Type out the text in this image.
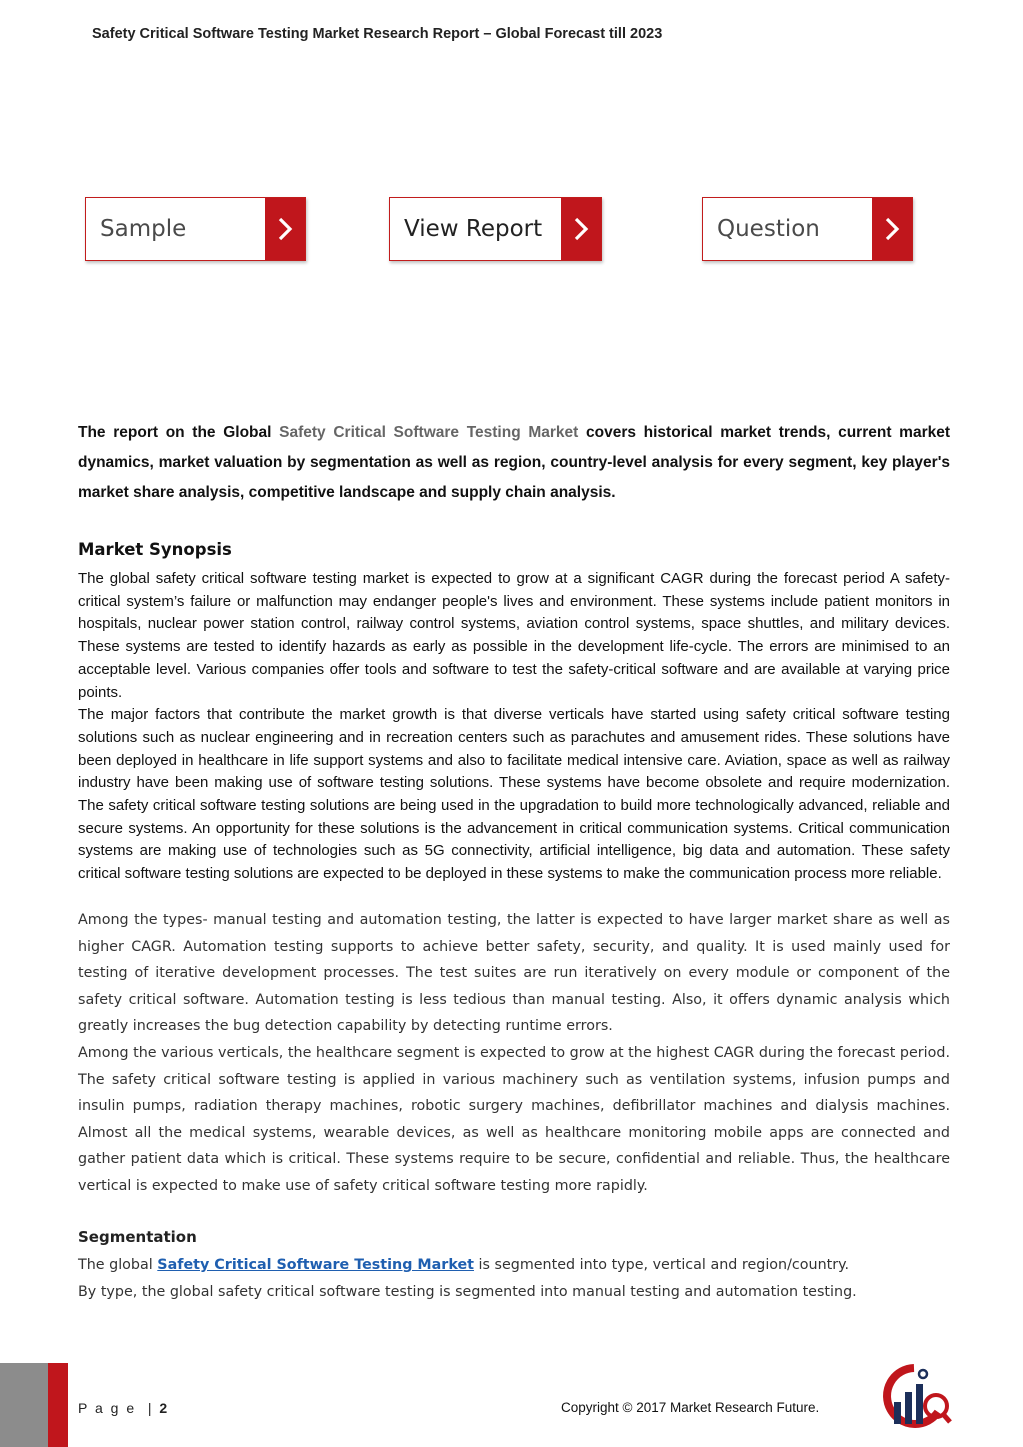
Safety Critical Software Testing Market Research Report – Global Forecast till 2023
Sample	View Report	Question
The report on the Global Safety Critical Software Testing Market covers historical market trends, current market dynamics, market valuation by segmentation as well as region, country-level analysis for every segment, key player's market share analysis, competitive landscape and supply chain analysis.
Market Synopsis

The global safety critical software testing market is expected to grow at a significant CAGR during the forecast period A safety-critical system’s failure or malfunction may endanger people's lives and environment. These systems include patient monitors in hospitals, nuclear power station control, railway control systems, aviation control systems, space shuttles, and military devices. These systems are tested to identify hazards as early as possible in the development life-cycle. The errors are minimised to an acceptable level. Various companies offer tools and software to test the safety-critical software and are available at varying price points.

The major factors that contribute the market growth is that diverse verticals have started using safety critical software testing solutions such as nuclear engineering and in recreation centers such as parachutes and amusement rides. These solutions have been deployed in healthcare in life support systems and also to facilitate medical intensive care. Aviation, space as well as railway industry have been making use of software testing solutions. These systems have become obsolete and require modernization. The safety critical software testing solutions are being used in the upgradation to build more technologically advanced, reliable and secure systems. An opportunity for these solutions is the advancement in critical communication systems. Critical communication systems are making use of technologies such as 5G connectivity, artificial intelligence, big data and automation. These safety critical software testing solutions are expected to be deployed in these systems to make the communication process more reliable.

Among the types- manual testing and automation testing, the latter is expected to have larger market share as well as higher CAGR. Automation testing supports to achieve better safety, security, and quality. It is used mainly used for testing of iterative development processes. The test suites are run iteratively on every module or component of the safety critical software. Automation testing is less tedious than manual testing. Also, it offers dynamic analysis which greatly increases the bug detection capability by detecting runtime errors.

Among the various verticals, the healthcare segment is expected to grow at the highest CAGR during the forecast period. The safety critical software testing is applied in various machinery such as ventilation systems, infusion pumps and insulin pumps, radiation therapy machines, robotic surgery machines, defibrillator machines and dialysis machines. Almost all the medical systems, wearable devices, as well as healthcare monitoring mobile apps are connected and gather patient data which is critical. These systems require to be secure, confidential and reliable. Thus, the healthcare vertical is expected to make use of safety critical software testing more rapidly.

Segmentation

The global Safety Critical Software Testing Market is segmented into type, vertical and region/country.

By type, the global safety critical software testing is segmented into manual testing and automation testing.

P a g e  | 2	Copyright © 2017 Market Research Future.
